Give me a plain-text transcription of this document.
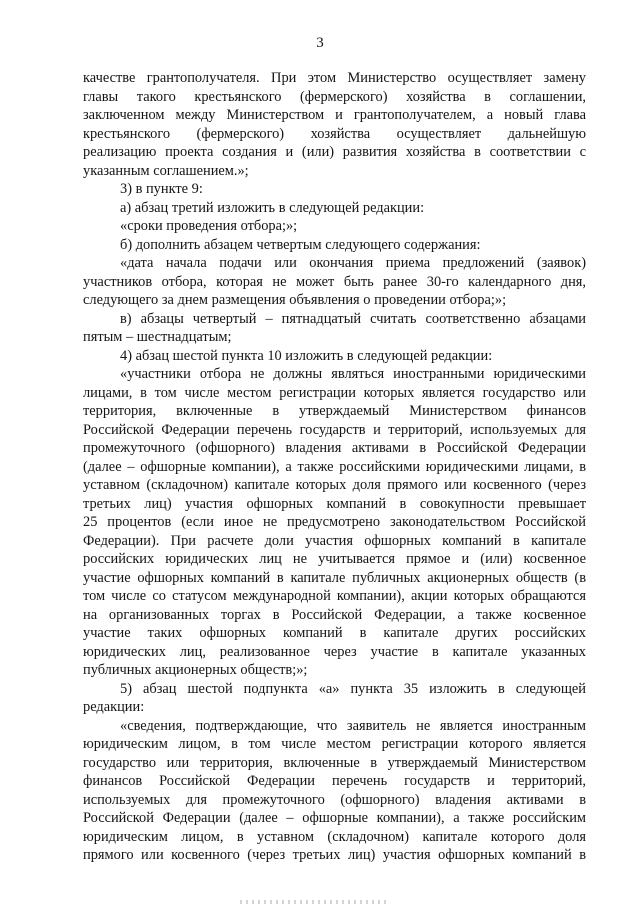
3
качестве грантополучателя. При этом Министерство осуществляет замену
главы такого крестьянского (фермерского) хозяйства в соглашении,
заключенном между Министерством и грантополучателем, а новый глава
крестьянского (фермерского) хозяйства осуществляет дальнейшую
реализацию проекта создания и (или) развития хозяйства в соответствии с
указанным соглашением.»;
3) в пункте 9:
а) абзац третий изложить в следующей редакции:
«сроки проведения отбора;»;
б) дополнить абзацем четвертым следующего содержания:
«дата начала подачи или окончания приема предложений (заявок)
участников отбора, которая не может быть ранее 30-го календарного дня,
следующего за днем размещения объявления о проведении отбора;»;
в) абзацы четвертый – пятнадцатый считать соответственно абзацами
пятым – шестнадцатым;
4) абзац шестой пункта 10 изложить в следующей редакции:
«участники отбора не должны являться иностранными юридическими
лицами, в том числе местом регистрации которых является государство или
территория, включенные в утверждаемый Министерством финансов
Российской Федерации перечень государств и территорий, используемых для
промежуточного (офшорного) владения активами в Российской Федерации
(далее – офшорные компании), а также российскими юридическими лицами, в
уставном (складочном) капитале которых доля прямого или косвенного (через
третьих лиц) участия офшорных компаний в совокупности превышает
25 процентов (если иное не предусмотрено законодательством Российской
Федерации). При расчете доли участия офшорных компаний в капитале
российских юридических лиц не учитывается прямое и (или) косвенное
участие офшорных компаний в капитале публичных акционерных обществ (в
том числе со статусом международной компании), акции которых обращаются
на организованных торгах в Российской Федерации, а также косвенное
участие таких офшорных компаний в капитале других российских
юридических лиц, реализованное через участие в капитале указанных
публичных акционерных обществ;»;
5) абзац шестой подпункта «а» пункта 35 изложить в следующей
редакции:
«сведения, подтверждающие, что заявитель не является иностранным
юридическим лицом, в том числе местом регистрации которого является
государство или территория, включенные в утверждаемый Министерством
финансов Российской Федерации перечень государств и территорий,
используемых для промежуточного (офшорного) владения активами в
Российской Федерации (далее – офшорные компании), а также российским
юридическим лицом, в уставном (складочном) капитале которого доля
прямого или косвенного (через третьих лиц) участия офшорных компаний в
